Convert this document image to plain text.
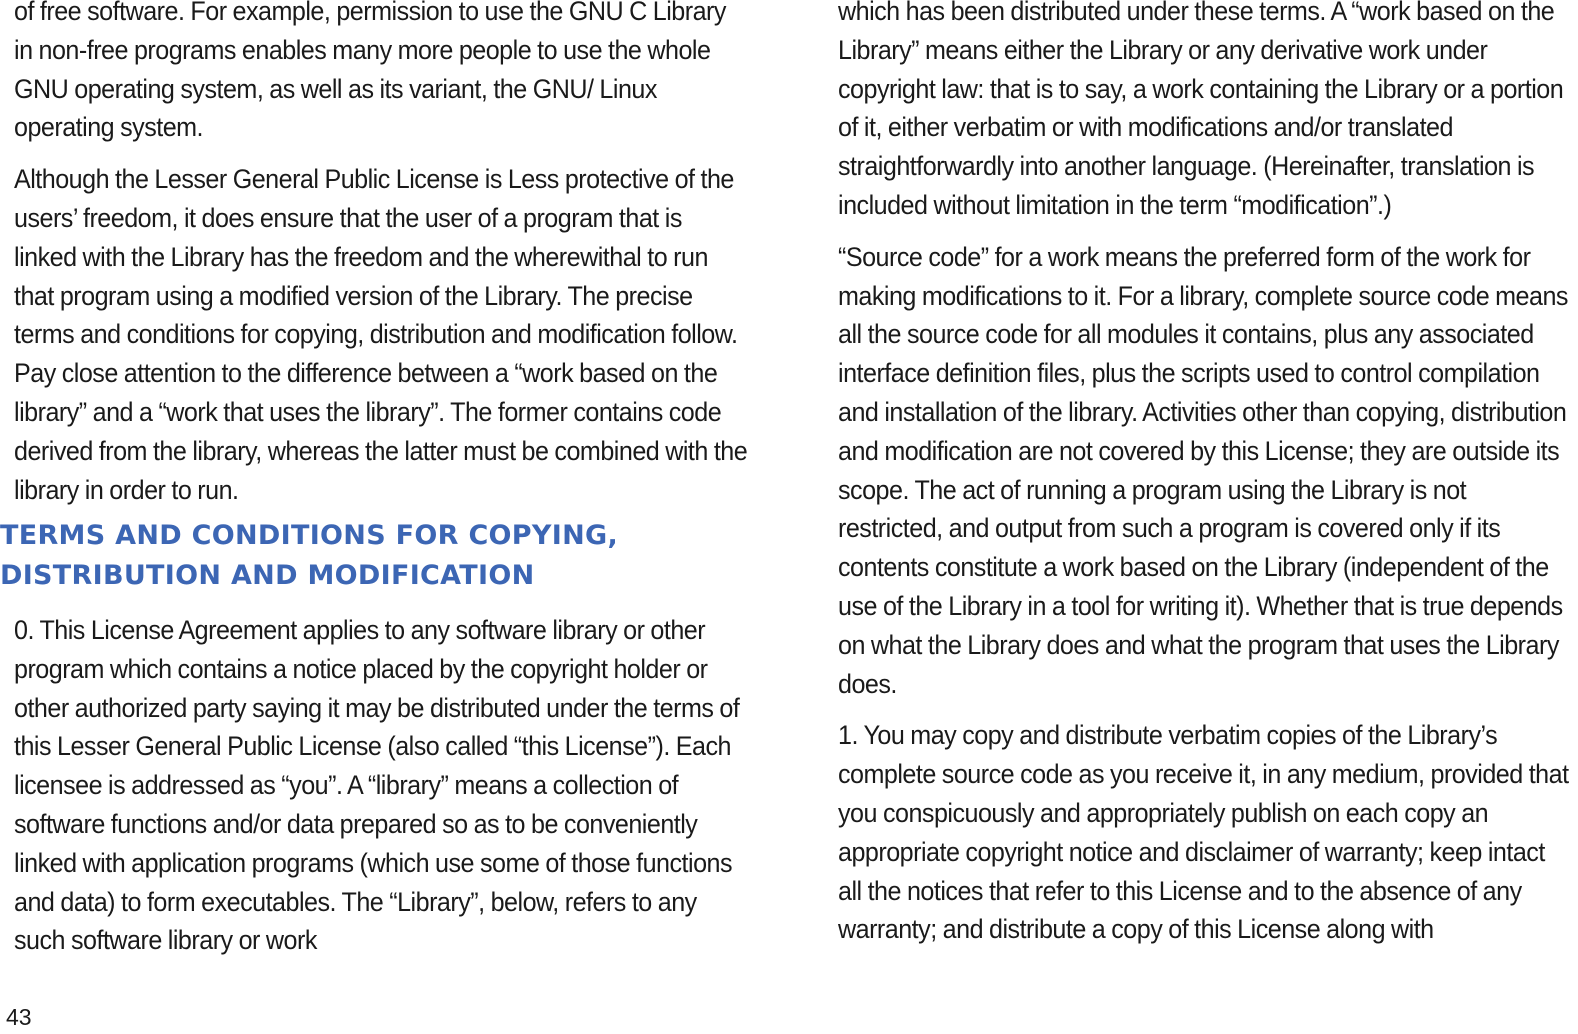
of free software. For example, permission to use the GNU C Library in non-free programs enables many more people to use the whole GNU operating system, as well as its variant, the GNU/ Linux operating system.

Although the Lesser General Public License is Less protective of the users’ freedom, it does ensure that the user of a program that is linked with the Library has the freedom and the wherewithal to run that program using a modified version of the Library. The precise terms and conditions for copying, distribution and modification follow. Pay close attention to the difference between a “work based on the library” and a “work that uses the library”. The former contains code derived from the library, whereas the latter must be combined with the library in order to run.

TERMS AND CONDITIONS FOR COPYING, DISTRIBUTION AND MODIFICATION

0. This License Agreement applies to any software library or other program which contains a notice placed by the copyright holder or other authorized party saying it may be distributed under the terms of this Lesser General Public License (also called “this License”). Each licensee is addressed as “you”. A “library” means a collection of software functions and/or data prepared so as to be conveniently linked with application programs (which use some of those functions and data) to form executables. The “Library”, below, refers to any such software library or work

which has been distributed under these terms. A “work based on the Library” means either the Library or any derivative work under copyright law: that is to say, a work containing the Library or a portion of it, either verbatim or with modifications and/or translated straightforwardly into another language. (Hereinafter, translation is included without limitation in the term “modification”.)

“Source code” for a work means the preferred form of the work for making modifications to it. For a library, complete source code means all the source code for all modules it contains, plus any associated interface definition files, plus the scripts used to control compilation and installation of the library. Activities other than copying, distribution and modification are not covered by this License; they are outside its scope. The act of running a program using the Library is not restricted, and output from such a program is covered only if its contents constitute a work based on the Library (independent of the use of the Library in a tool for writing it). Whether that is true depends on what the Library does and what the program that uses the Library does.

1. You may copy and distribute verbatim copies of the Library’s complete source code as you receive it, in any medium, provided that you conspicuously and appropriately publish on each copy an appropriate copyright notice and disclaimer of warranty; keep intact all the notices that refer to this License and to the absence of any warranty; and distribute a copy of this License along with

43
